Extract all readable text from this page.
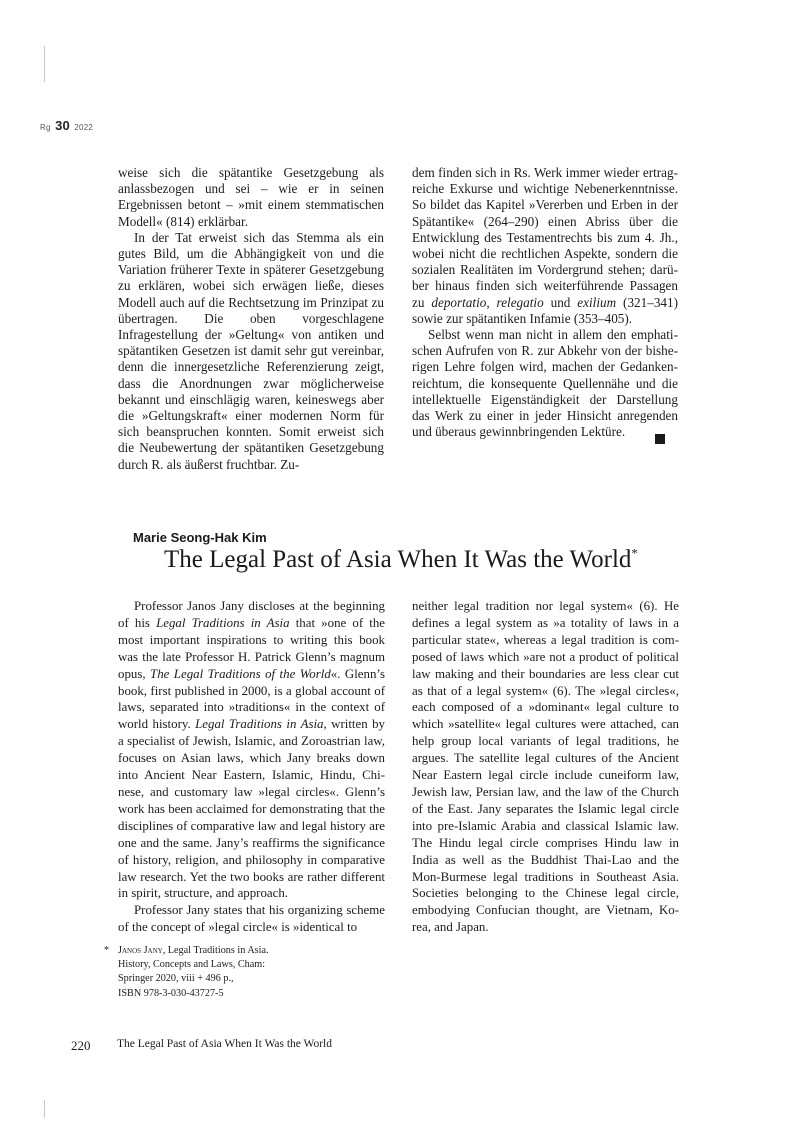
Rg 30 2022

weise sich die spätantike Gesetzgebung als anlassbezogen und sei – wie er in seinen Ergebnissen betont – »mit einem stemmatischen Modell« (814) erklärbar.

In der Tat erweist sich das Stemma als ein gutes Bild, um die Abhängigkeit von und die Variation früherer Texte in späterer Gesetzgebung zu erklären, wobei sich erwägen ließe, dieses Modell auch auf die Rechtsetzung im Prinzipat zu übertragen. Die oben vorgeschlagene Infragestellung der »Geltung« von antiken und spätantiken Gesetzen ist damit sehr gut vereinbar, denn die innergesetzliche Referenzierung zeigt, dass die Anordnungen zwar möglicherweise bekannt und einschlägig waren, keineswegs aber die »Geltungskraft« einer modernen Norm für sich beanspruchen konnten. Somit erweist sich die Neubewertung der spätantiken Gesetzgebung durch R. als äußerst fruchtbar. Zu-

dem finden sich in Rs. Werk immer wieder ertragreiche Exkurse und wichtige Nebenerkenntnisse. So bildet das Kapitel »Vererben und Erben in der Spätantike« (264–290) einen Abriss über die Entwicklung des Testamentrechts bis zum 4. Jh., wobei nicht die rechtlichen Aspekte, sondern die sozialen Realitäten im Vordergrund stehen; darüber hinaus finden sich weiterführende Passagen zu deportatio, relegatio und exilium (321–341) sowie zur spätantiken Infamie (353–405).

Selbst wenn man nicht in allem den emphatischen Aufrufen von R. zur Abkehr von der bisherigen Lehre folgen wird, machen der Gedankenreichtum, die konsequente Quellennähe und die intellektuelle Eigenständigkeit der Darstellung das Werk zu einer in jeder Hinsicht anregenden und überaus gewinnbringenden Lektüre.

Marie Seong-Hak Kim
The Legal Past of Asia When It Was the World*

Professor Janos Jany discloses at the beginning of his Legal Traditions in Asia that »one of the most important inspirations to writing this book was the late Professor H. Patrick Glenn’s magnum opus, The Legal Traditions of the World«. Glenn’s book, first published in 2000, is a global account of laws, separated into »traditions« in the context of world history. Legal Traditions in Asia, written by a specialist of Jewish, Islamic, and Zoroastrian law, focuses on Asian laws, which Jany breaks down into Ancient Near Eastern, Islamic, Hindu, Chinese, and customary law »legal circles«. Glenn’s work has been acclaimed for demonstrating that the disciplines of comparative law and legal history are one and the same. Jany’s reaffirms the significance of history, religion, and philosophy in comparative law research. Yet the two books are rather different in spirit, structure, and approach.

Professor Jany states that his organizing scheme of the concept of »legal circle« is »identical to

neither legal tradition nor legal system« (6). He defines a legal system as »a totality of laws in a particular state«, whereas a legal tradition is composed of laws which »are not a product of political law making and their boundaries are less clear cut as that of a legal system« (6). The »legal circles«, each composed of a »dominant« legal culture to which »satellite« legal cultures were attached, can help group local variants of legal traditions, he argues. The satellite legal cultures of the Ancient Near Eastern legal circle include cuneiform law, Jewish law, Persian law, and the law of the Church of the East. Jany separates the Islamic legal circle into pre-Islamic Arabia and classical Islamic law. The Hindu legal circle comprises Hindu law in India as well as the Buddhist Thai-Lao and the Mon-Burmese legal traditions in Southeast Asia. Societies belonging to the Chinese legal circle, embodying Confucian thought, are Vietnam, Korea, and Japan.

* Janos Jany, Legal Traditions in Asia.
History, Concepts and Laws, Cham:
Springer 2020, viii + 496 p.,
ISBN 978-3-030-43727-5
220 The Legal Past of Asia When It Was the World
